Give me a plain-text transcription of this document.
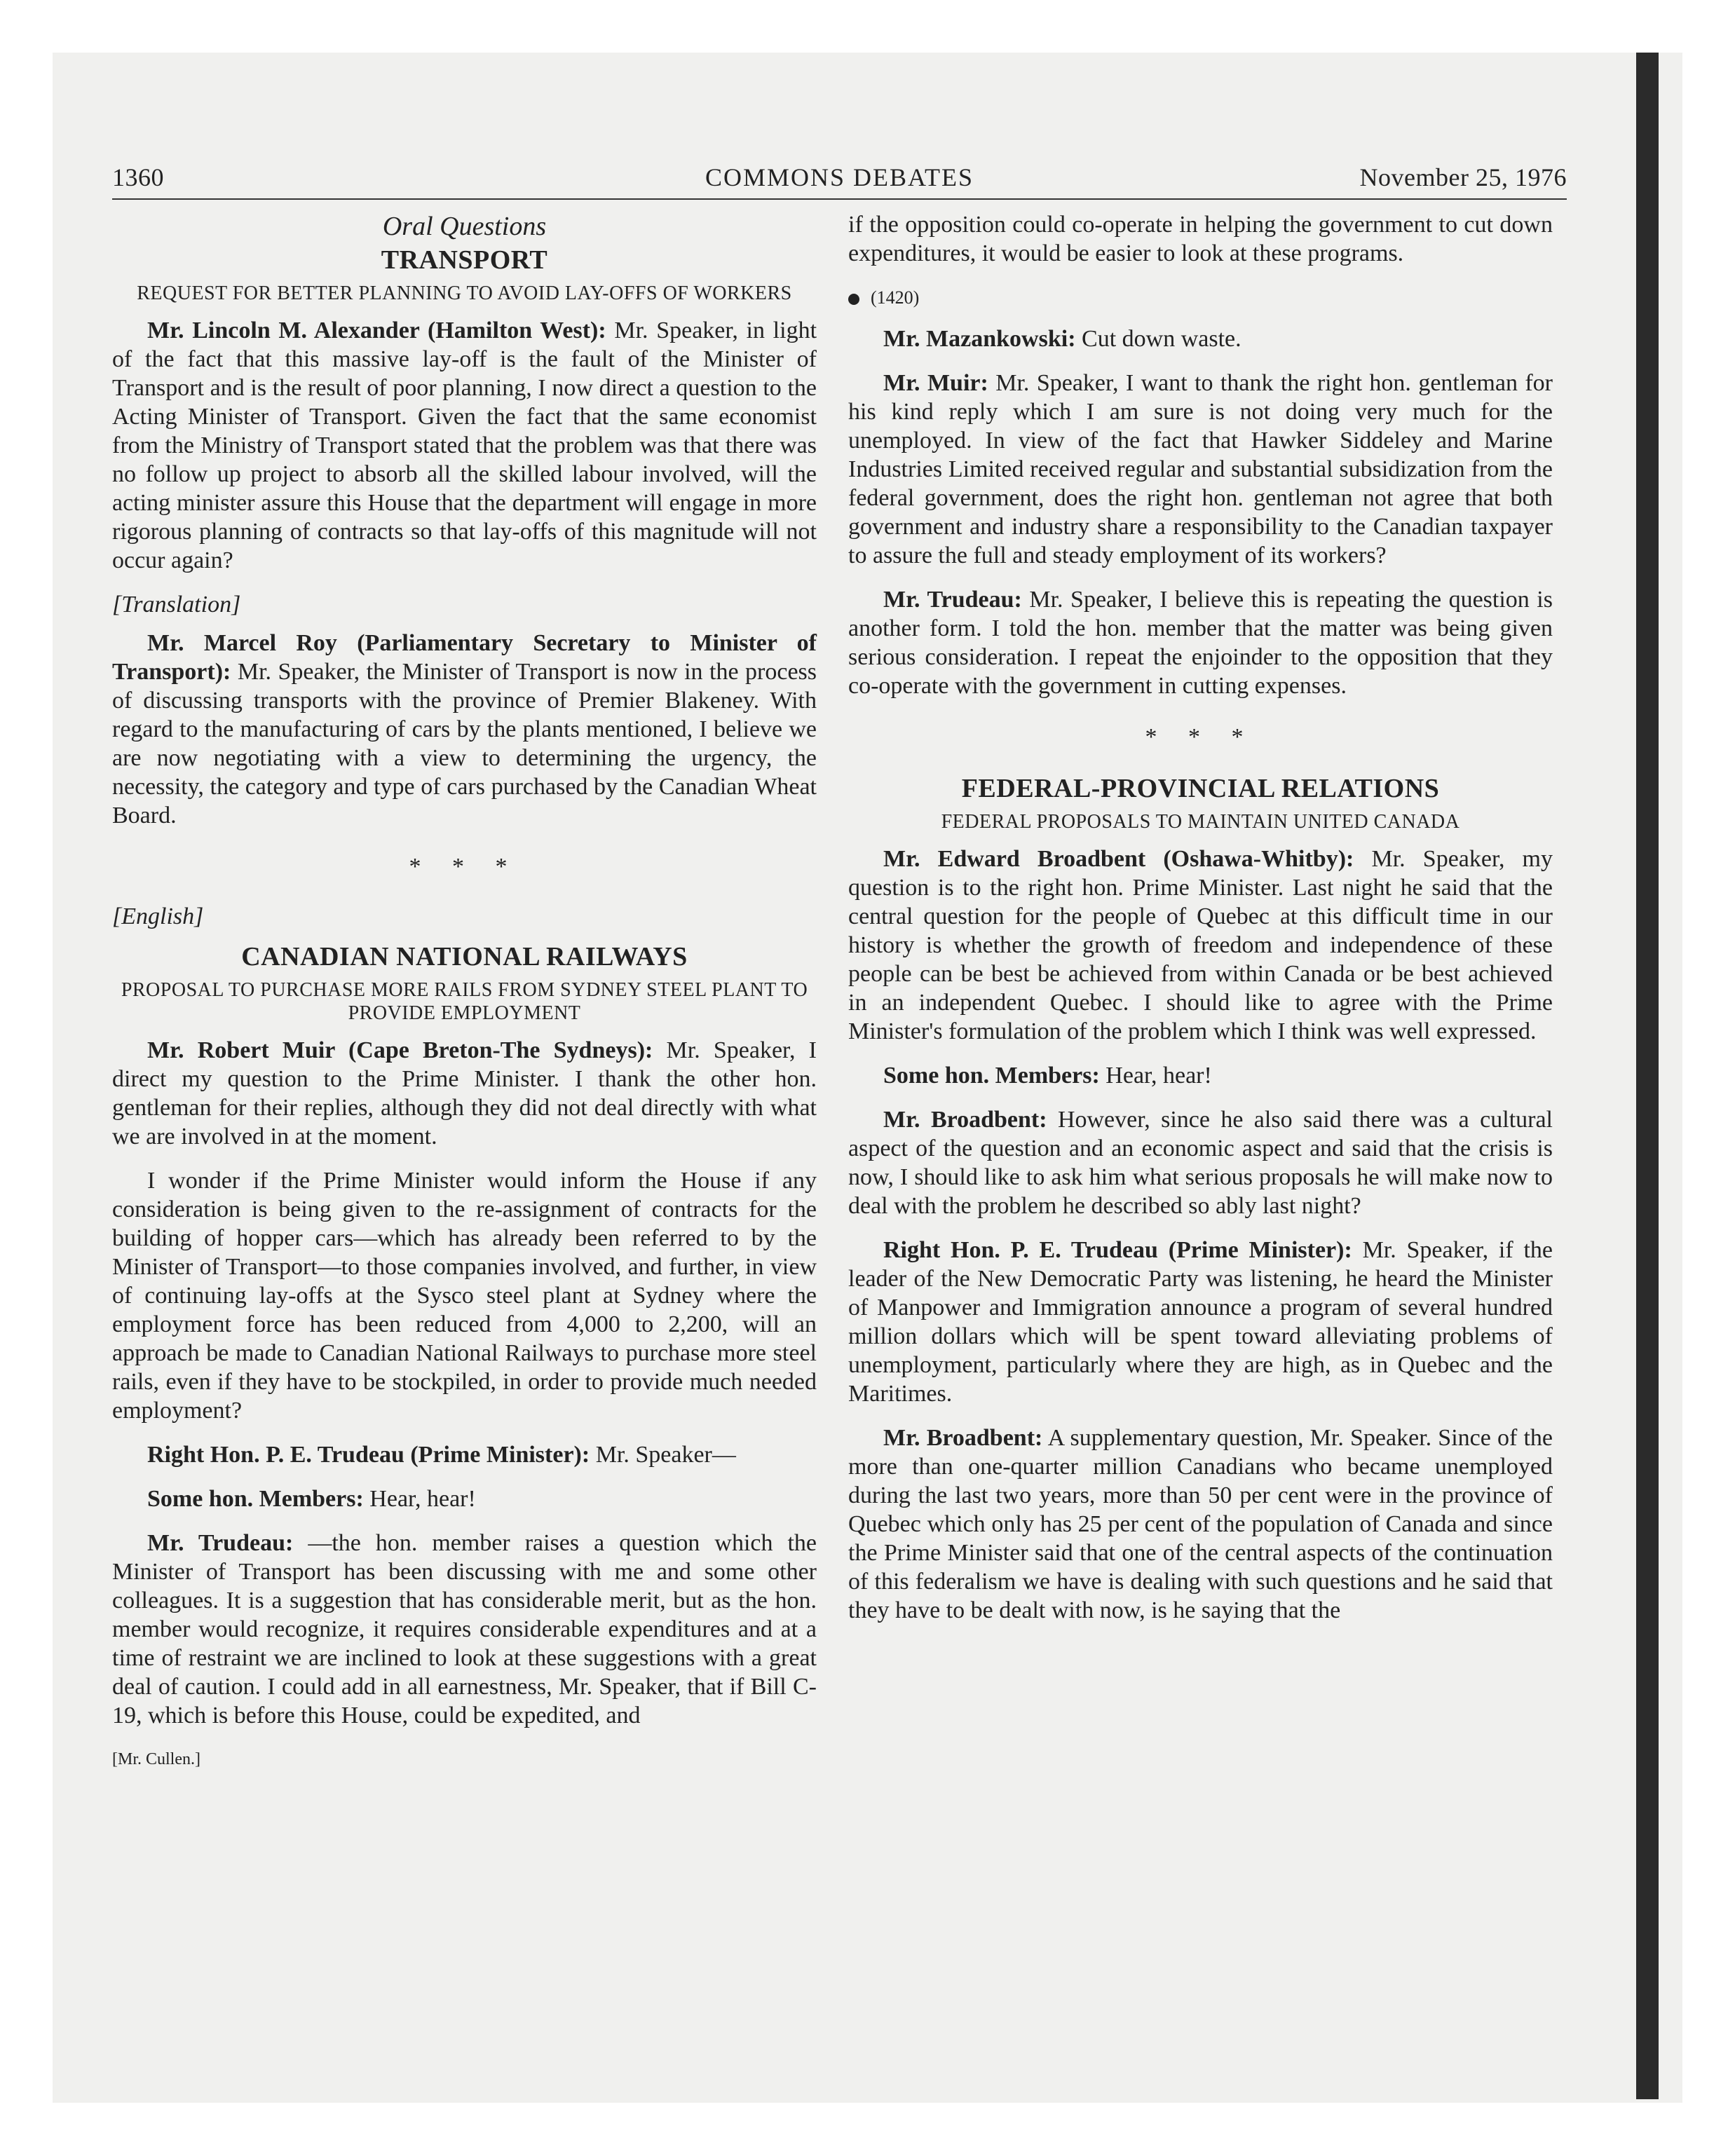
1360	COMMONS DEBATES	November 25, 1976
Oral Questions
TRANSPORT
REQUEST FOR BETTER PLANNING TO AVOID LAY-OFFS OF WORKERS

Mr. Lincoln M. Alexander (Hamilton West): Mr. Speaker, in light of the fact that this massive lay-off is the fault of the Minister of Transport and is the result of poor planning, I now direct a question to the Acting Minister of Transport. Given the fact that the same economist from the Ministry of Transport stated that the problem was that there was no follow up project to absorb all the skilled labour involved, will the acting minister assure this House that the department will engage in more rigorous planning of contracts so that lay-offs of this magnitude will not occur again?

[Translation]

Mr. Marcel Roy (Parliamentary Secretary to Minister of Transport): Mr. Speaker, the Minister of Transport is now in the process of discussing transports with the province of Premier Blakeney. With regard to the manufacturing of cars by the plants mentioned, I believe we are now negotiating with a view to determining the urgency, the necessity, the category and type of cars purchased by the Canadian Wheat Board.

* * *
[English]
CANADIAN NATIONAL RAILWAYS
PROPOSAL TO PURCHASE MORE RAILS FROM SYDNEY STEEL PLANT TO PROVIDE EMPLOYMENT

Mr. Robert Muir (Cape Breton-The Sydneys): Mr. Speaker, I direct my question to the Prime Minister. I thank the other hon. gentleman for their replies, although they did not deal directly with what we are involved in at the moment.

I wonder if the Prime Minister would inform the House if any consideration is being given to the re-assignment of contracts for the building of hopper cars—which has already been referred to by the Minister of Transport—to those companies involved, and further, in view of continuing lay-offs at the Sysco steel plant at Sydney where the employment force has been reduced from 4,000 to 2,200, will an approach be made to Canadian National Railways to purchase more steel rails, even if they have to be stockpiled, in order to provide much needed employment?

Right Hon. P. E. Trudeau (Prime Minister): Mr. Speaker—

Some hon. Members: Hear, hear!

Mr. Trudeau: —the hon. member raises a question which the Minister of Transport has been discussing with me and some other colleagues. It is a suggestion that has considerable merit, but as the hon. member would recognize, it requires considerable expenditures and at a time of restraint we are inclined to look at these suggestions with a great deal of caution. I could add in all earnestness, Mr. Speaker, that if Bill C-19, which is before this House, could be expedited, and

[Mr. Cullen.]

if the opposition could co-operate in helping the government to cut down expenditures, it would be easier to look at these programs.

(1420)

Mr. Mazankowski: Cut down waste.

Mr. Muir: Mr. Speaker, I want to thank the right hon. gentleman for his kind reply which I am sure is not doing very much for the unemployed. In view of the fact that Hawker Siddeley and Marine Industries Limited received regular and substantial subsidization from the federal government, does the right hon. gentleman not agree that both government and industry share a responsibility to the Canadian taxpayer to assure the full and steady employment of its workers?

Mr. Trudeau: Mr. Speaker, I believe this is repeating the question is another form. I told the hon. member that the matter was being given serious consideration. I repeat the enjoinder to the opposition that they co-operate with the government in cutting expenses.

* * *
FEDERAL-PROVINCIAL RELATIONS
FEDERAL PROPOSALS TO MAINTAIN UNITED CANADA

Mr. Edward Broadbent (Oshawa-Whitby): Mr. Speaker, my question is to the right hon. Prime Minister. Last night he said that the central question for the people of Quebec at this difficult time in our history is whether the growth of freedom and independence of these people can be best be achieved from within Canada or be best achieved in an independent Quebec. I should like to agree with the Prime Minister's formulation of the problem which I think was well expressed.

Some hon. Members: Hear, hear!

Mr. Broadbent: However, since he also said there was a cultural aspect of the question and an economic aspect and said that the crisis is now, I should like to ask him what serious proposals he will make now to deal with the problem he described so ably last night?

Right Hon. P. E. Trudeau (Prime Minister): Mr. Speaker, if the leader of the New Democratic Party was listening, he heard the Minister of Manpower and Immigration announce a program of several hundred million dollars which will be spent toward alleviating problems of unemployment, particularly where they are high, as in Quebec and the Maritimes.

Mr. Broadbent: A supplementary question, Mr. Speaker. Since of the more than one-quarter million Canadians who became unemployed during the last two years, more than 50 per cent were in the province of Quebec which only has 25 per cent of the population of Canada and since the Prime Minister said that one of the central aspects of the continuation of this federalism we have is dealing with such questions and he said that they have to be dealt with now, is he saying that the
